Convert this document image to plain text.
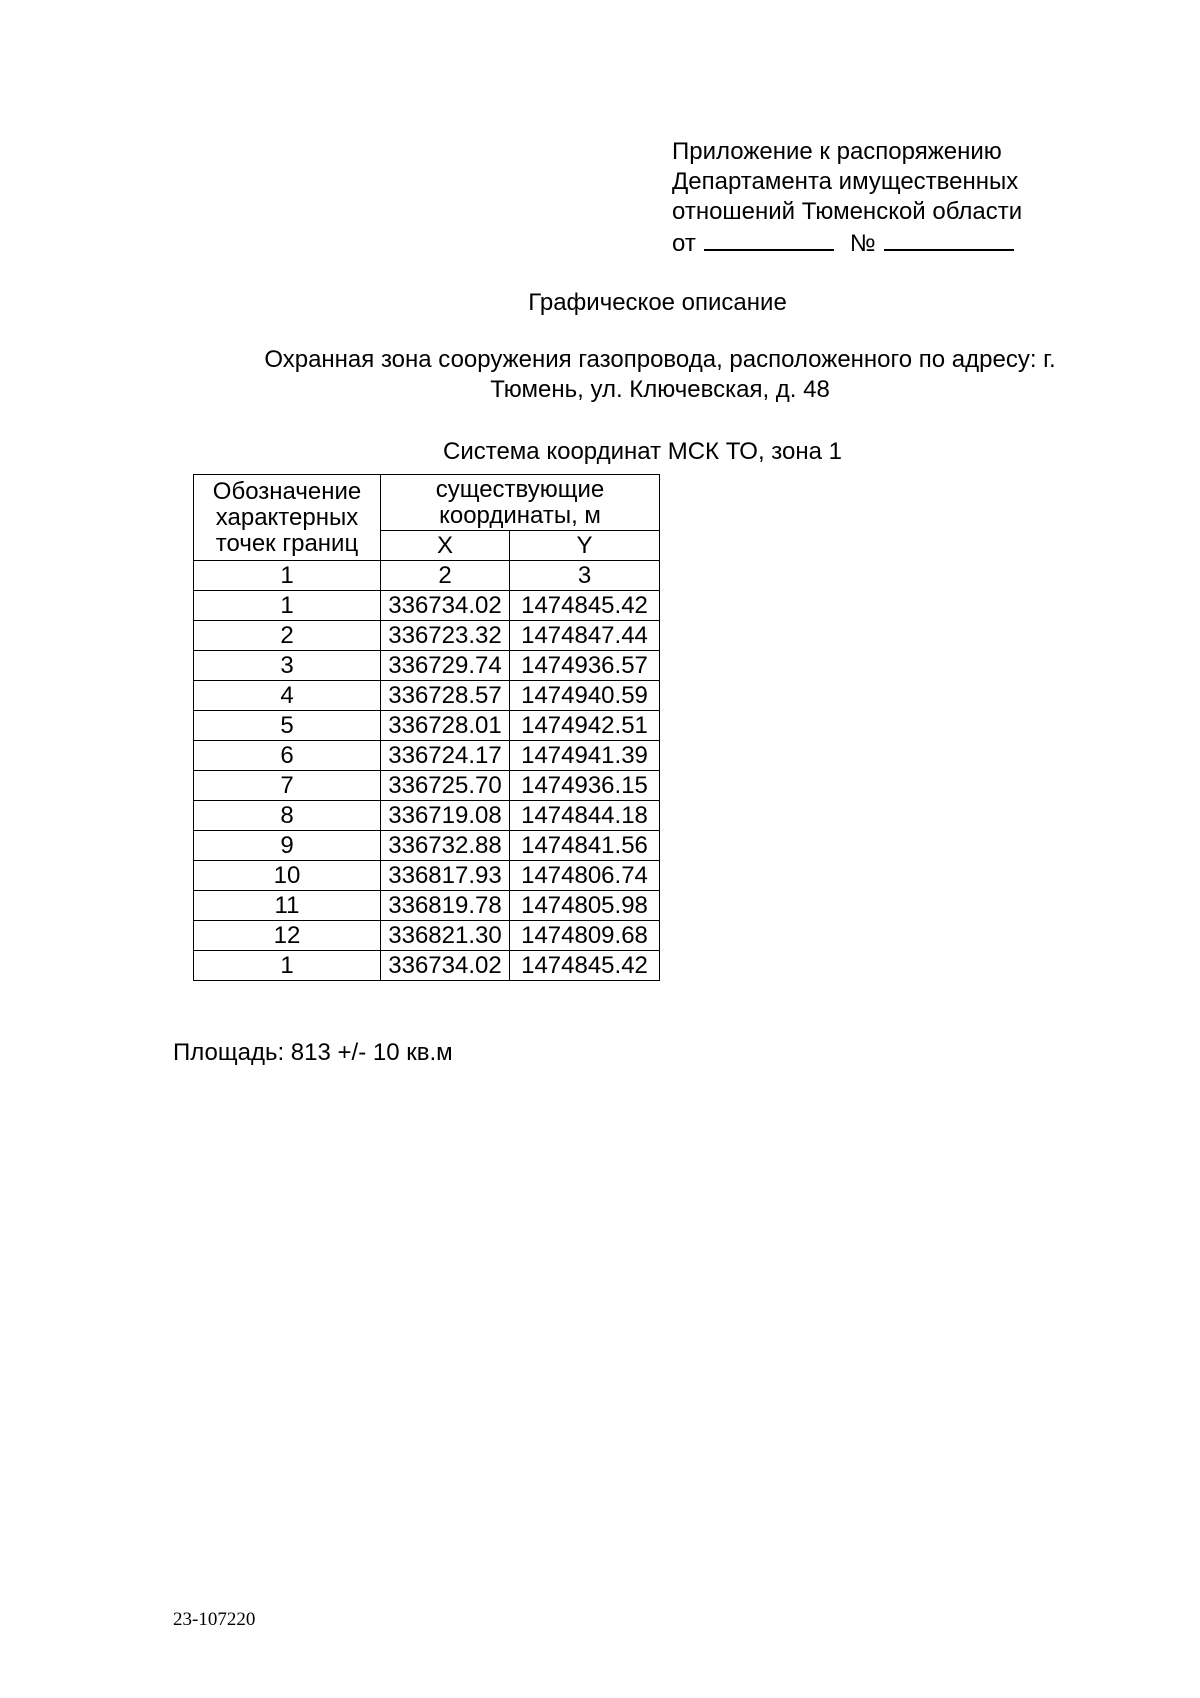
Приложение к распоряжению
Департамента имущественных
отношений Тюменской области
от	№
Графическое описание
Охранная зона сооружения газопровода, расположенного по адресу: г. Тюмень, ул. Ключевская, д. 48
Система координат МСК ТО, зона 1
Обозначение характерных точек границ	существующие координаты, м	
	X	Y
1	2	3
1	336734.02	1474845.42
2	336723.32	1474847.44
3	336729.74	1474936.57
4	336728.57	1474940.59
5	336728.01	1474942.51
6	336724.17	1474941.39
7	336725.70	1474936.15
8	336719.08	1474844.18
9	336732.88	1474841.56
10	336817.93	1474806.74
11	336819.78	1474805.98
12	336821.30	1474809.68
1	336734.02	1474845.42
Площадь: 813 +/- 10 кв.м
23-107220
